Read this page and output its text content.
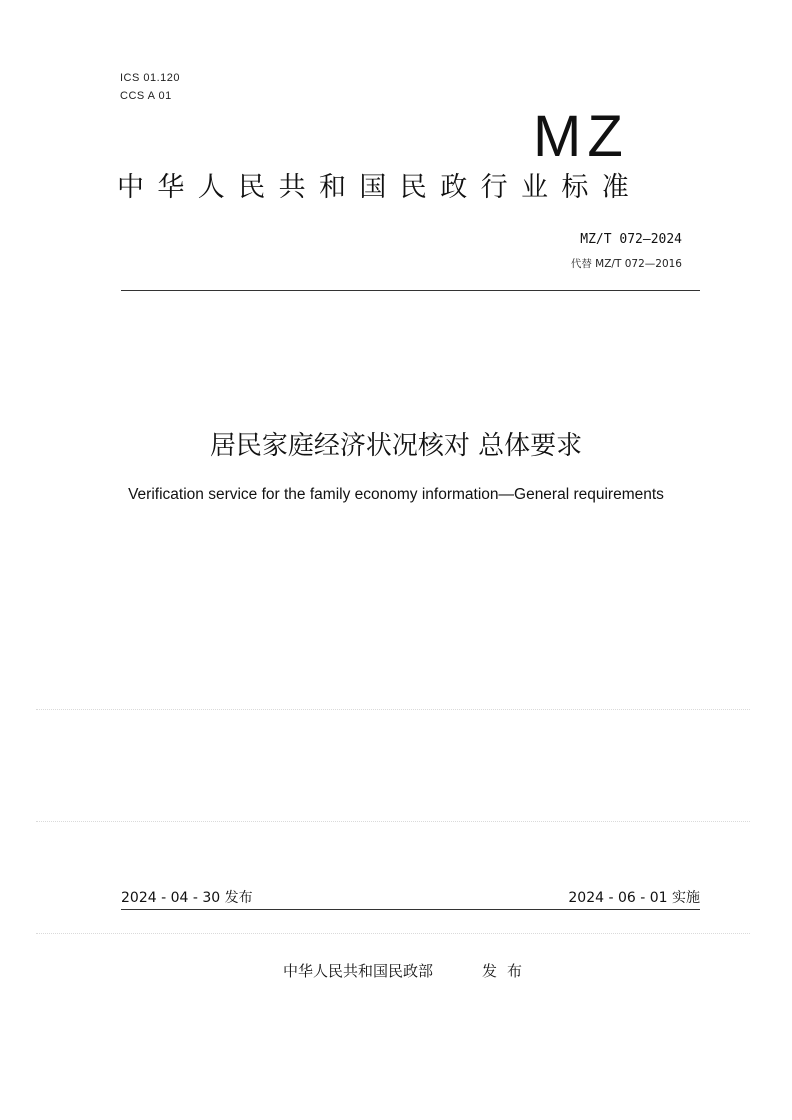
ICS 01.120
CCS A 01
MZ
中华人民共和国民政行业标准
MZ/T 072—2024
代替 MZ/T 072—2016
居民家庭经济状况核对 总体要求
Verification service for the family economy information—General requirements
2024 - 04 - 30 发布	2024 - 06 - 01 实施
中华人民共和国民政部	发布
